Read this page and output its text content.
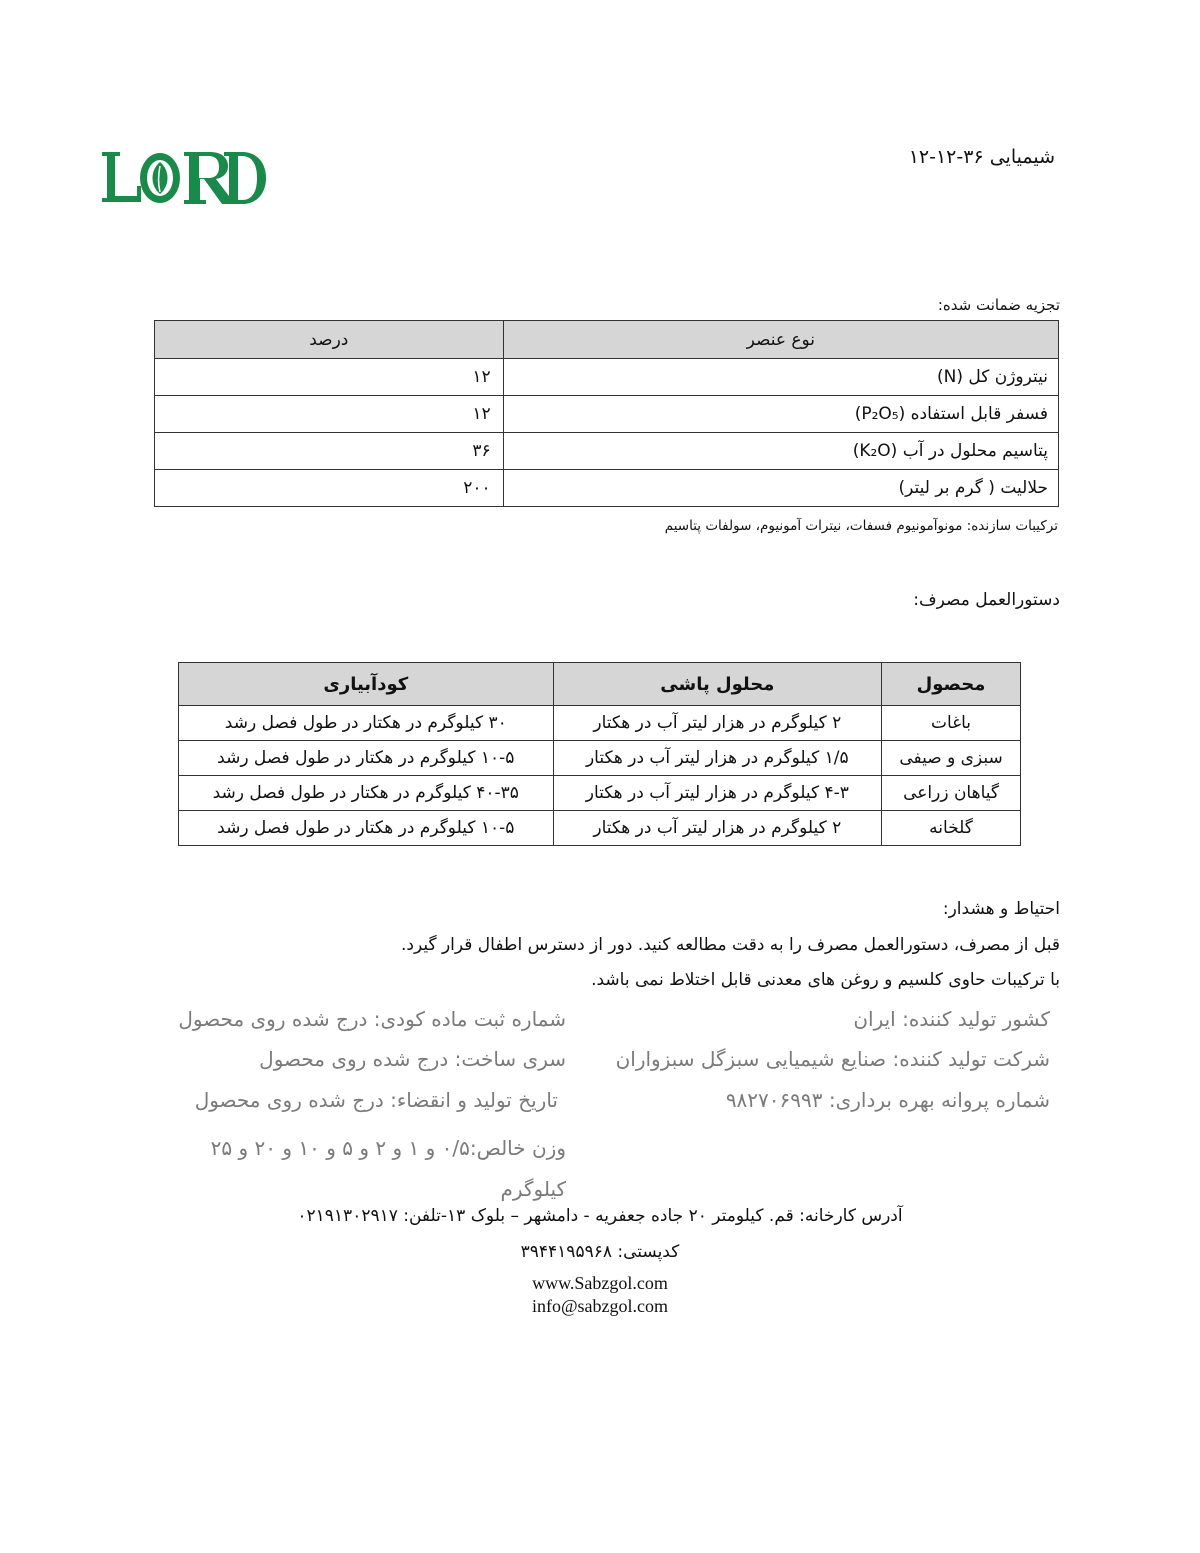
شیمیایی ۳۶-۱۲-۱۲
تجزیه ضمانت شده:
نوع عنصر	درصد
نیتروژن کل (N)	۱۲
فسفر قابل استفاده (P₂O₅)	۱۲
پتاسیم محلول در آب (K₂O)	۳۶
حلالیت ( گرم بر لیتر)	۲۰۰
ترکیبات سازنده: مونوآمونیوم فسفات، نیترات آمونیوم، سولفات پتاسیم
دستورالعمل مصرف:
محصول	محلول پاشی	کودآبیاری
باغات	۲ کیلوگرم در هزار لیتر آب در هکتار	۳۰ کیلوگرم در هکتار در طول فصل رشد
سبزی و صیفی	۱/۵ کیلوگرم در هزار لیتر آب در هکتار	۱۰-۵ کیلوگرم در هکتار در طول فصل رشد
گیاهان زراعی	۴-۳ کیلوگرم در هزار لیتر آب در هکتار	۴۰-۳۵ کیلوگرم در هکتار در طول فصل رشد
گلخانه	۲ کیلوگرم در هزار لیتر آب در هکتار	۱۰-۵ کیلوگرم در هکتار در طول فصل رشد
احتیاط و هشدار:
قبل از مصرف، دستورالعمل مصرف را به دقت مطالعه کنید. دور از دسترس اطفال قرار گیرد.
با ترکیبات حاوی کلسیم و روغن های معدنی قابل اختلاط نمی باشد.
کشور تولید کننده: ایران
شرکت تولید کننده: صنایع شیمیایی سبزگل سبزواران
شماره پروانه بهره برداری: ۹۸۲۷۰۶۹۹۳
شماره ثبت ماده کودی: درج شده روی محصول
سری ساخت: درج شده روی محصول
تاریخ تولید و انقضاء: درج شده روی محصول
وزن خالص:۰/۵ و ۱ و ۲ و ۵ و ۱۰ و ۲۰ و ۲۵ کیلوگرم
آدرس کارخانه: قم. کیلومتر ۲۰ جاده جعفریه - دامشهر – بلوک ۱۳-تلفن: ۰۲۱۹۱۳۰۲۹۱۷
کدپستی: ۳۹۴۴۱۹۵۹۶۸
www.Sabzgol.com
info@sabzgol.com
